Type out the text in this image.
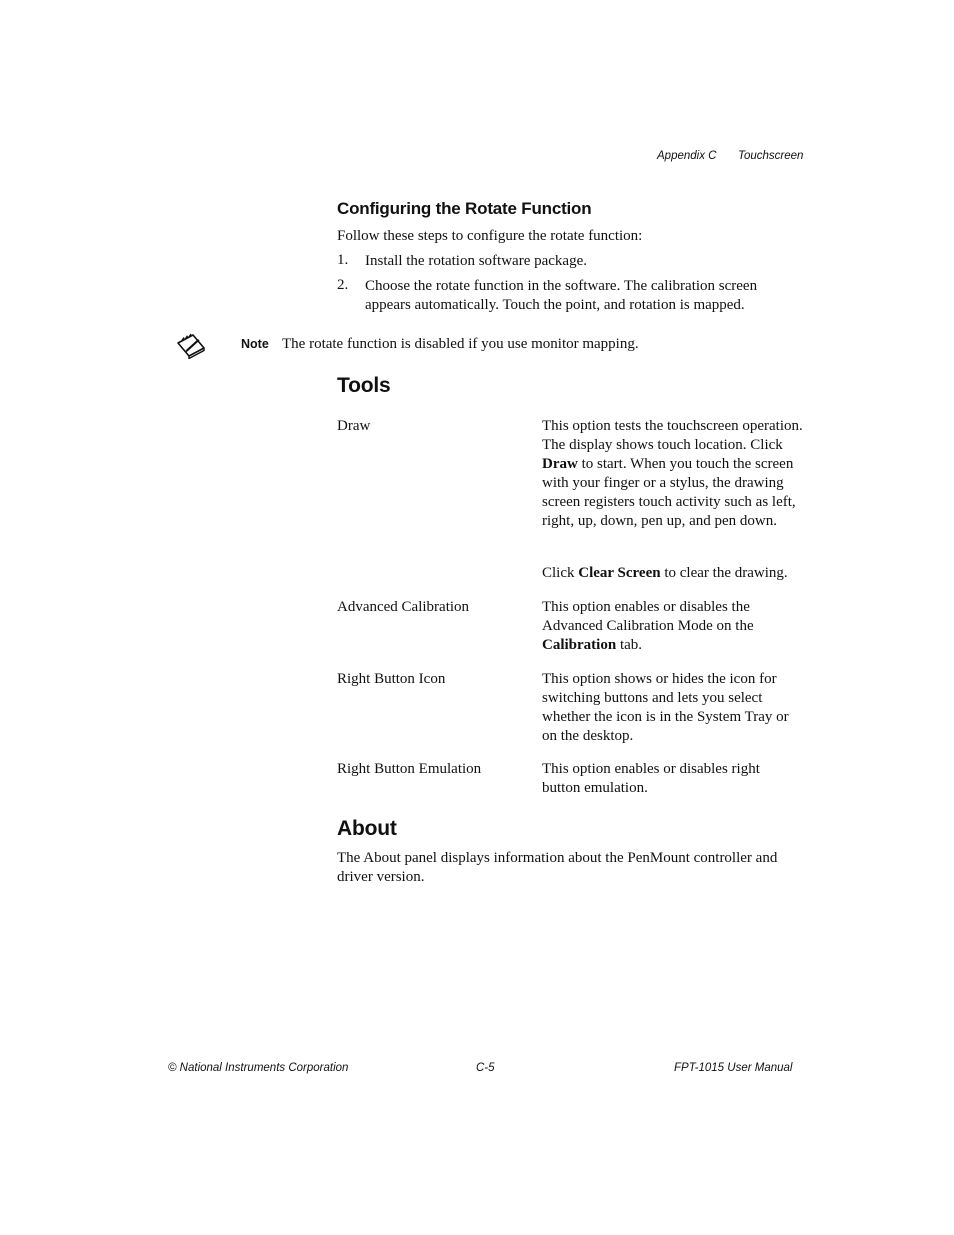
Appendix C Touchscreen
Configuring the Rotate Function

Follow these steps to configure the rotate function:

1. Install the rotation software package.
2. Choose the rotate function in the software. The calibration screen appears automatically. Touch the point, and rotation is mapped.
Note The rotate function is disabled if you use monitor mapping.
Tools
Draw	This option tests the touchscreen operation. The display shows touch location. Click Draw to start. When you touch the screen with your finger or a stylus, the drawing screen registers touch activity such as left, right, up, down, pen up, and pen down.
Click Clear Screen to clear the drawing.
Advanced Calibration	This option enables or disables the Advanced Calibration Mode on the Calibration tab.
Right Button Icon	This option shows or hides the icon for switching buttons and lets you select whether the icon is in the System Tray or on the desktop.
Right Button Emulation	This option enables or disables right button emulation.
About

The About panel displays information about the PenMount controller and driver version.

© National Instruments Corporation	C-5	FPT-1015 User Manual
